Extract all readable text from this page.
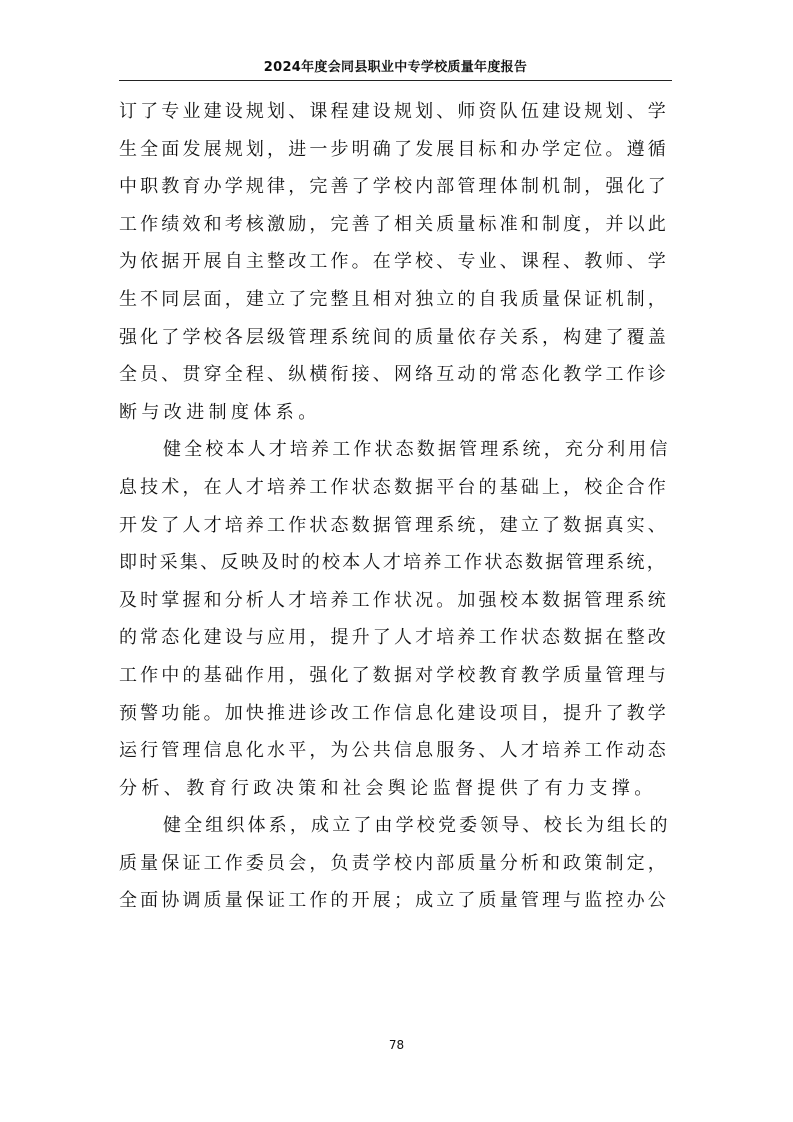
2024年度会同县职业中专学校质量年度报告
订了专业建设规划、课程建设规划、师资队伍建设规划、学
生全面发展规划，进一步明确了发展目标和办学定位。遵循
中职教育办学规律，完善了学校内部管理体制机制，强化了
工作绩效和考核激励，完善了相关质量标准和制度，并以此
为依据开展自主整改工作。在学校、专业、课程、教师、学
生不同层面，建立了完整且相对独立的自我质量保证机制，
强化了学校各层级管理系统间的质量依存关系，构建了覆盖
全员、贯穿全程、纵横衔接、网络互动的常态化教学工作诊
断与改进制度体系。
健全校本人才培养工作状态数据管理系统，充分利用信
息技术，在人才培养工作状态数据平台的基础上，校企合作
开发了人才培养工作状态数据管理系统，建立了数据真实、
即时采集、反映及时的校本人才培养工作状态数据管理系统，
及时掌握和分析人才培养工作状况。加强校本数据管理系统
的常态化建设与应用，提升了人才培养工作状态数据在整改
工作中的基础作用，强化了数据对学校教育教学质量管理与
预警功能。加快推进诊改工作信息化建设项目，提升了教学
运行管理信息化水平，为公共信息服务、人才培养工作动态
分析、教育行政决策和社会舆论监督提供了有力支撑。
健全组织体系，成立了由学校党委领导、校长为组长的
质量保证工作委员会，负责学校内部质量分析和政策制定，
全面协调质量保证工作的开展；成立了质量管理与监控办公
78
